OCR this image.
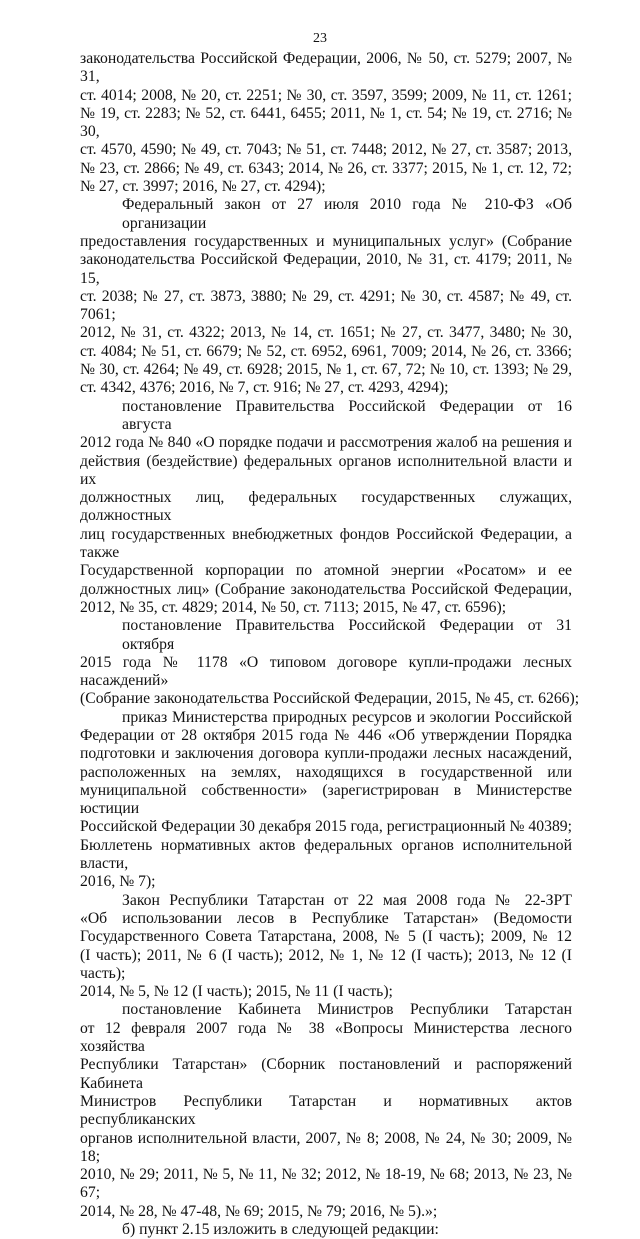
23
законодательства Российской Федерации, 2006, № 50, ст. 5279; 2007, № 31,
ст. 4014; 2008, № 20, ст. 2251; № 30, ст. 3597, 3599; 2009, № 11, ст. 1261;
№ 19, ст. 2283; № 52, ст. 6441, 6455; 2011, № 1, ст. 54; № 19, ст. 2716; № 30,
ст. 4570, 4590; № 49, ст. 7043; № 51, ст. 7448; 2012, № 27, ст. 3587; 2013,
№ 23, ст. 2866; № 49, ст. 6343; 2014, № 26, ст. 3377; 2015, № 1, ст. 12, 72;
№ 27, ст. 3997; 2016, № 27, ст. 4294);
Федеральный закон от 27 июля 2010 года № 210-ФЗ «Об организации
предоставления государственных и муниципальных услуг» (Собрание
законодательства Российской Федерации, 2010, № 31, ст. 4179; 2011, № 15,
ст. 2038; № 27, ст. 3873, 3880; № 29, ст. 4291; № 30, ст. 4587; № 49, ст. 7061;
2012, № 31, ст. 4322; 2013, № 14, ст. 1651; № 27, ст. 3477, 3480; № 30,
ст. 4084; № 51, ст. 6679; № 52, ст. 6952, 6961, 7009; 2014, № 26, ст. 3366;
№ 30, ст. 4264; № 49, ст. 6928; 2015, № 1, ст. 67, 72; № 10, ст. 1393; № 29,
ст. 4342, 4376; 2016, № 7, ст. 916; № 27, ст. 4293, 4294);
постановление Правительства Российской Федерации от 16 августа
2012 года № 840 «О порядке подачи и рассмотрения жалоб на решения и
действия (бездействие) федеральных органов исполнительной власти и их
должностных лиц, федеральных государственных служащих, должностных
лиц государственных внебюджетных фондов Российской Федерации, а также
Государственной корпорации по атомной энергии «Росатом» и ее
должностных лиц» (Собрание законодательства Российской Федерации,
2012, № 35, ст. 4829; 2014, № 50, ст. 7113; 2015, № 47, ст. 6596);
постановление Правительства Российской Федерации от 31 октября
2015 года № 1178 «О типовом договоре купли-продажи лесных насаждений»
(Собрание законодательства Российской Федерации, 2015, № 45, ст. 6266);
приказ Министерства природных ресурсов и экологии Российской
Федерации от 28 октября 2015 года № 446 «Об утверждении Порядка
подготовки и заключения договора купли-продажи лесных насаждений,
расположенных на землях, находящихся в государственной или
муниципальной собственности» (зарегистрирован в Министерстве юстиции
Российской Федерации 30 декабря 2015 года, регистрационный № 40389;
Бюллетень нормативных актов федеральных органов исполнительной власти,
2016, № 7);
Закон Республики Татарстан от 22 мая 2008 года № 22-ЗРТ
«Об использовании лесов в Республике Татарстан» (Ведомости
Государственного Совета Татарстана, 2008, № 5 (I часть); 2009, № 12
(I часть); 2011, № 6 (I часть); 2012, № 1, № 12 (I часть); 2013, № 12 (I часть);
2014, № 5, № 12 (I часть); 2015, № 11 (I часть);
постановление Кабинета Министров Республики Татарстан
от 12 февраля 2007 года № 38 «Вопросы Министерства лесного хозяйства
Республики Татарстан» (Сборник постановлений и распоряжений Кабинета
Министров Республики Татарстан и нормативных актов республиканских
органов исполнительной власти, 2007, № 8; 2008, № 24, № 30; 2009, № 18;
2010, № 29; 2011, № 5, № 11, № 32; 2012, № 18-19, № 68; 2013, № 23, № 67;
2014, № 28, № 47-48, № 69; 2015, № 79; 2016, № 5).»;
б) пункт 2.15 изложить в следующей редакции:
